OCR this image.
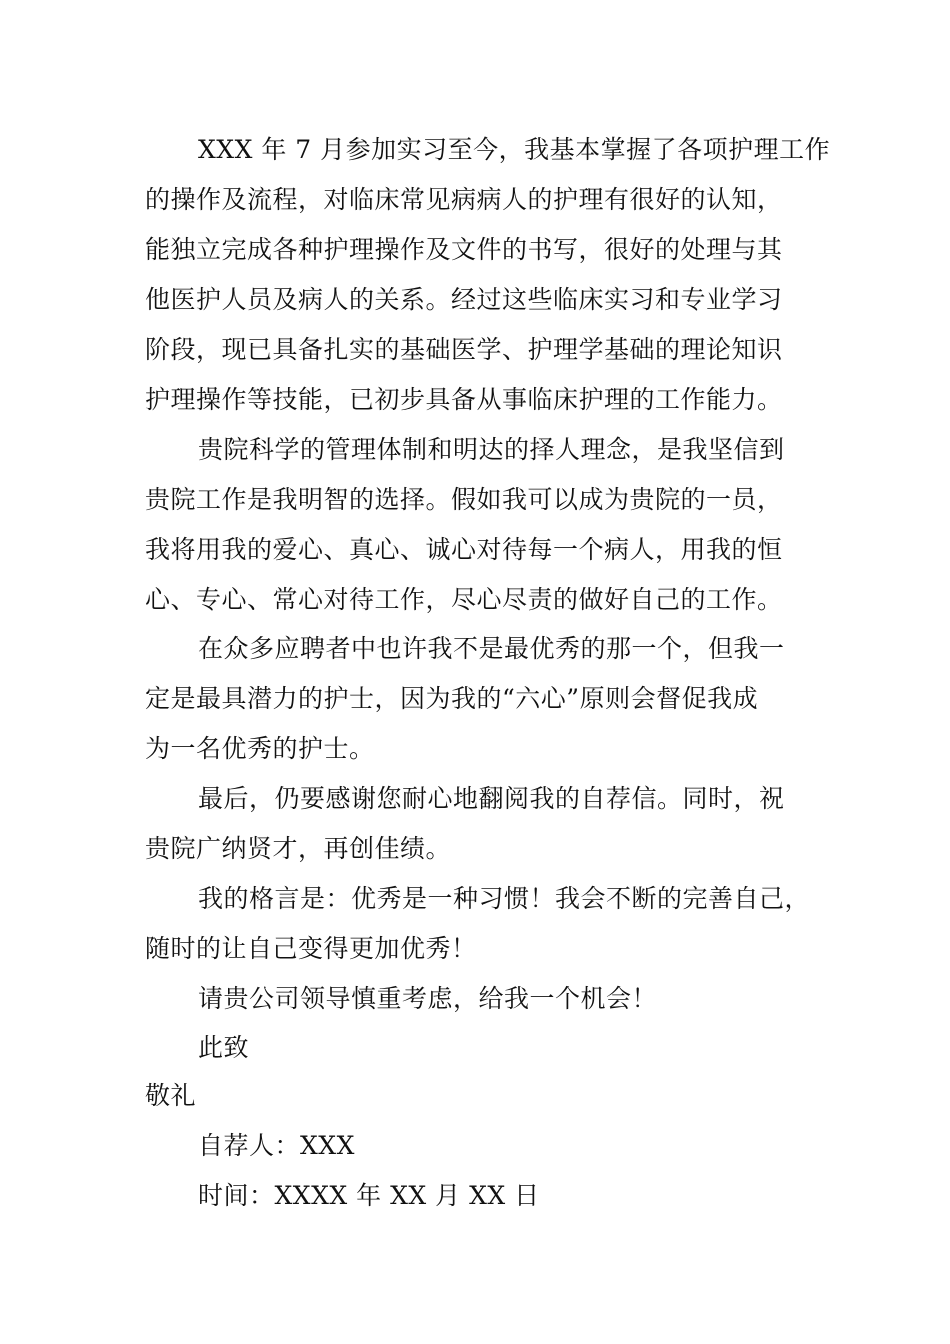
XXX 年 7 月参加实习至今，我基本掌握了各项护理工作
的操作及流程，对临床常见病病人的护理有很好的认知，
能独立完成各种护理操作及文件的书写，很好的处理与其
他医护人员及病人的关系。经过这些临床实习和专业学习
阶段，现已具备扎实的基础医学、护理学基础的理论知识
护理操作等技能，已初步具备从事临床护理的工作能力。
贵院科学的管理体制和明达的择人理念，是我坚信到
贵院工作是我明智的选择。假如我可以成为贵院的一员，
我将用我的爱心、真心、诚心对待每一个病人，用我的恒
心、专心、常心对待工作，尽心尽责的做好自己的工作。
在众多应聘者中也许我不是最优秀的那一个，但我一
定是最具潜力的护士，因为我的“六心”原则会督促我成
为一名优秀的护士。
最后，仍要感谢您耐心地翻阅我的自荐信。同时，祝
贵院广纳贤才，再创佳绩。
我的格言是：优秀是一种习惯！我会不断的完善自己，
随时的让自己变得更加优秀！
请贵公司领导慎重考虑，给我一个机会！
此致
敬礼
自荐人：XXX
时间：XXXX 年 XX 月 XX 日
